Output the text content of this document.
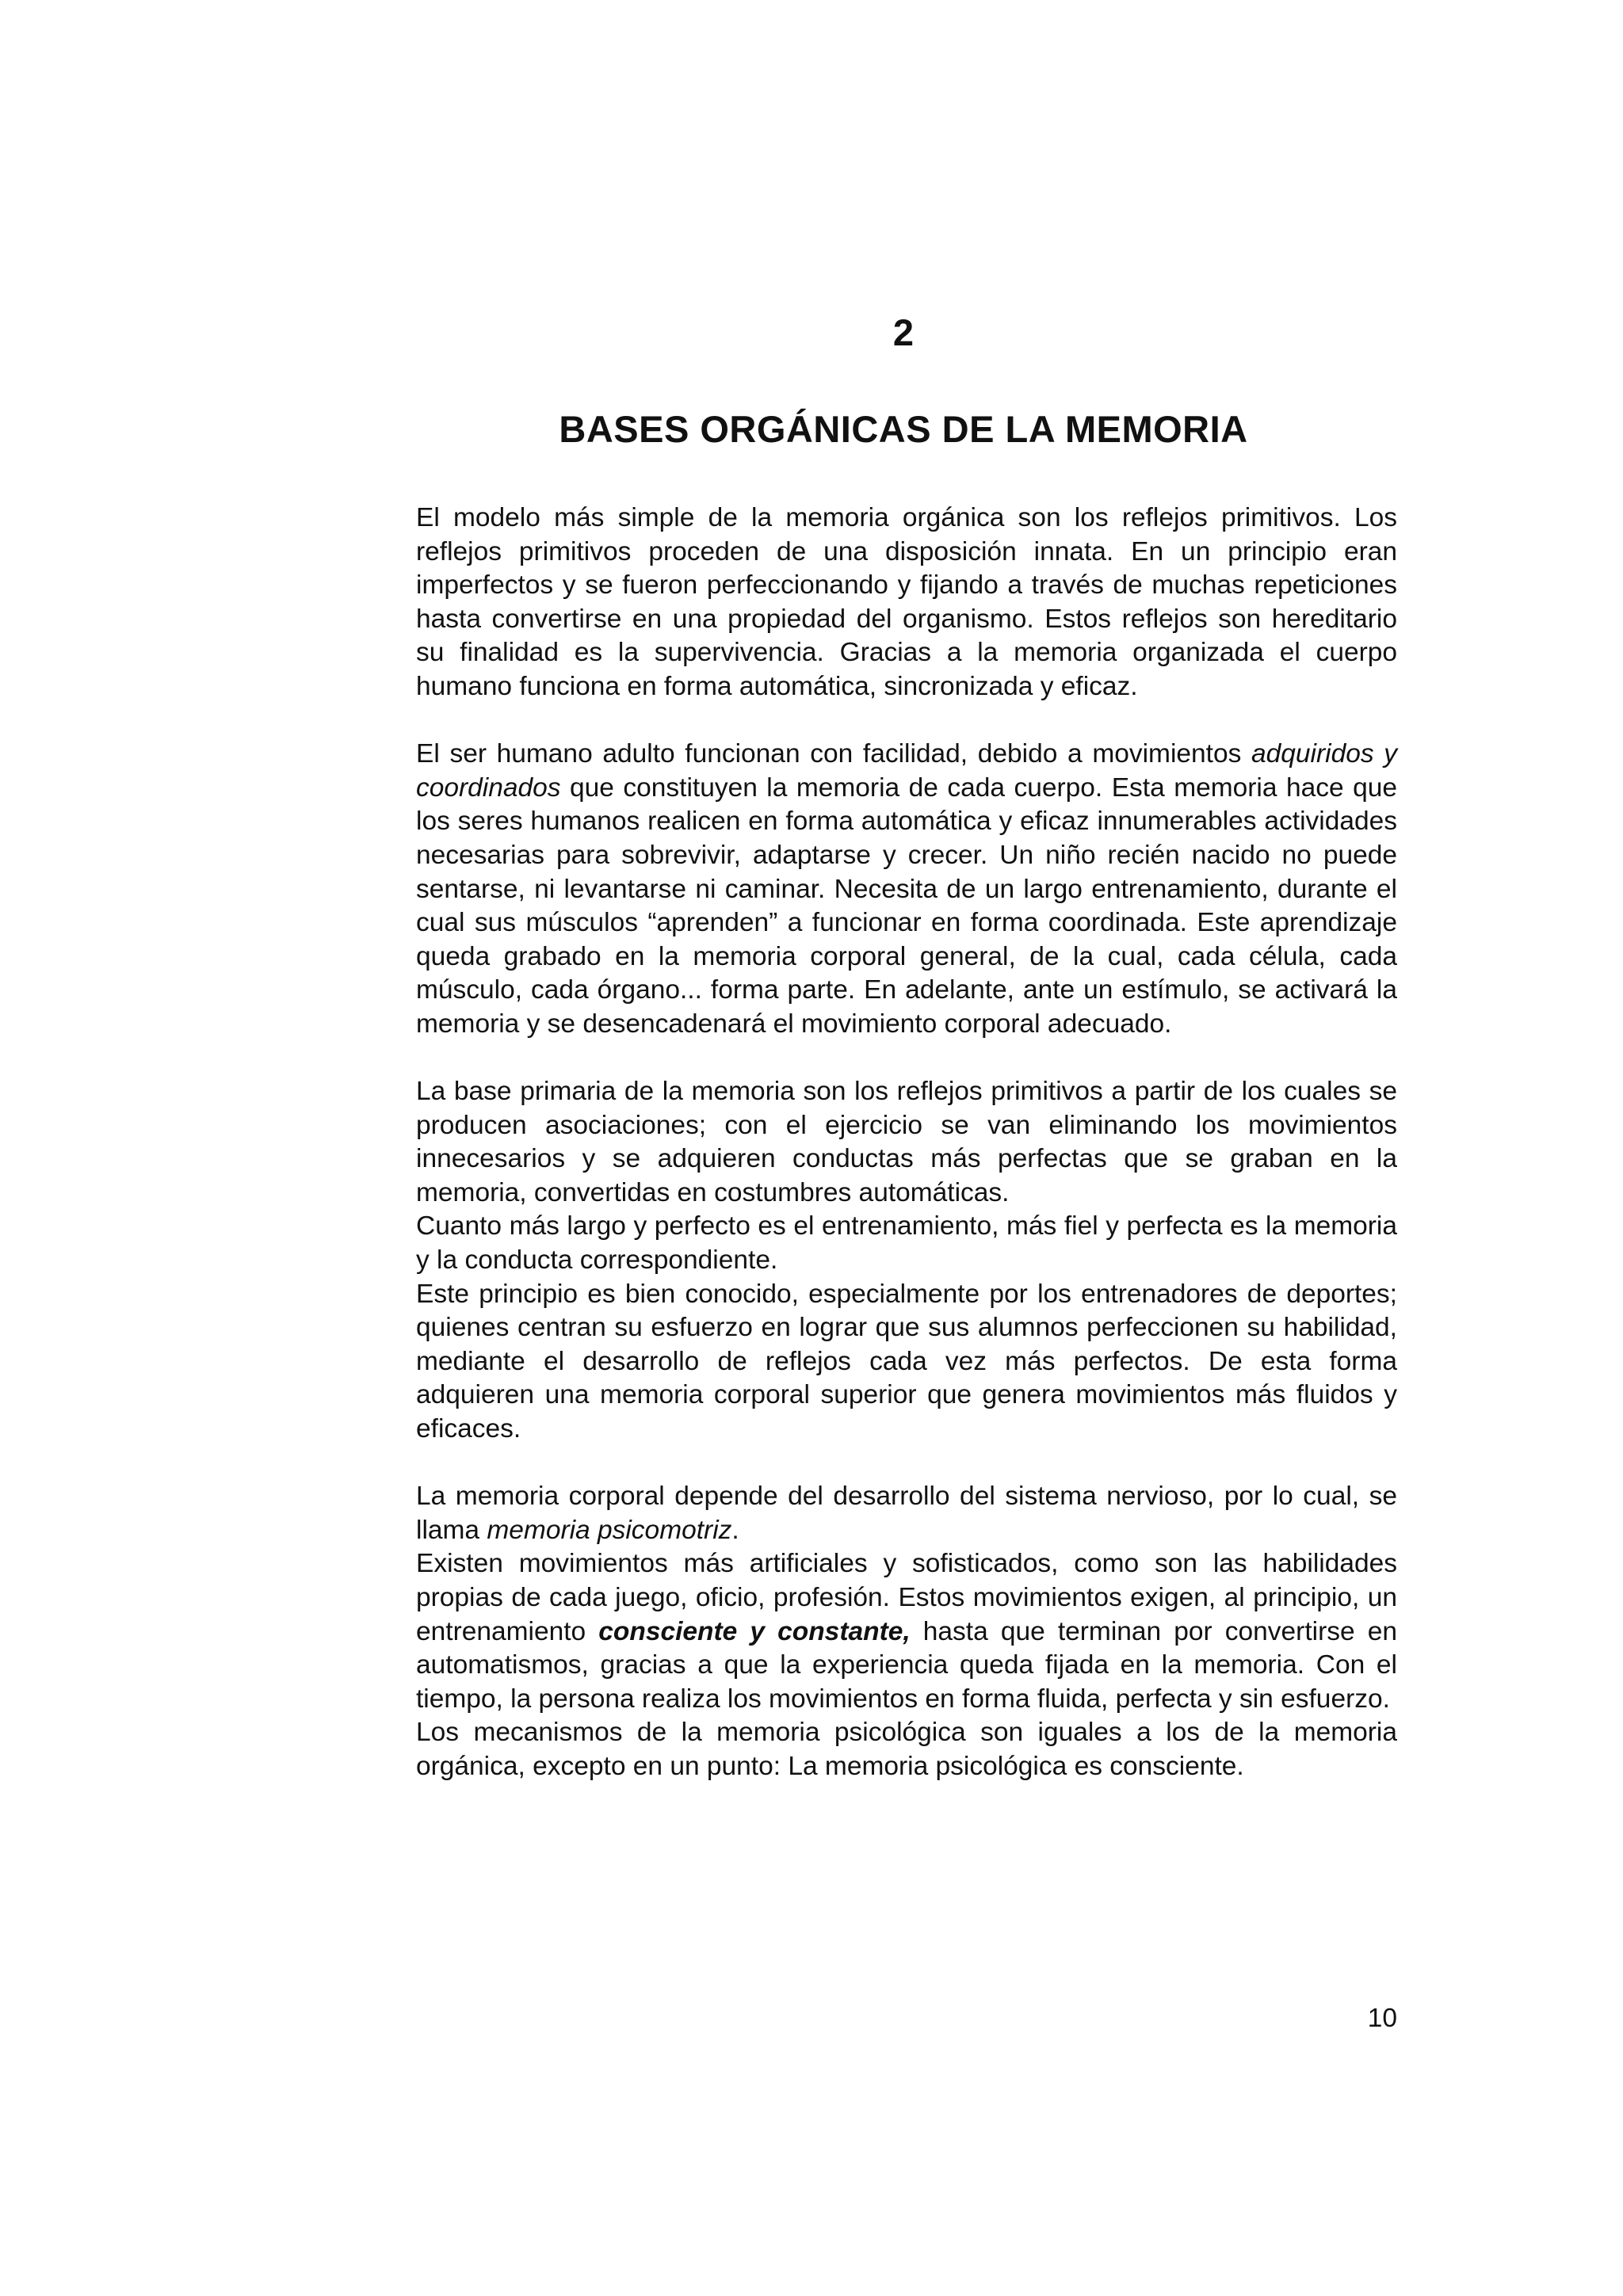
2
BASES ORGÁNICAS DE LA MEMORIA

El modelo más simple de la memoria orgánica son los reflejos primitivos. Los reflejos primitivos proceden de una disposición innata. En un principio eran imperfectos y se fueron perfeccionando y fijando a través de muchas repeticiones hasta convertirse en una propiedad del organismo. Estos reflejos son hereditario su finalidad es la supervivencia. Gracias a la memoria organizada el cuerpo humano funciona en forma automática, sincronizada y eficaz.

El ser humano adulto funcionan con facilidad, debido a movimientos adquiridos y coordinados que constituyen la memoria de cada cuerpo. Esta memoria hace que los seres humanos realicen en forma automática y eficaz innumerables actividades necesarias para sobrevivir, adaptarse y crecer. Un niño recién nacido no puede sentarse, ni levantarse ni caminar. Necesita de un largo entrenamiento, durante el cual sus músculos “aprenden” a funcionar en forma coordinada. Este aprendizaje queda grabado en la memoria corporal general, de la cual, cada célula, cada músculo, cada órgano... forma parte. En adelante, ante un estímulo, se activará la memoria y se desencadenará el movimiento corporal adecuado.

La base primaria de la memoria son los reflejos primitivos a partir de los cuales se producen asociaciones; con el ejercicio se van eliminando los movimientos innecesarios y se adquieren conductas más perfectas que se graban en la memoria, convertidas en costumbres automáticas.

Cuanto más largo y perfecto es el entrenamiento, más fiel y perfecta es la memoria y la conducta correspondiente.

Este principio es bien conocido, especialmente por los entrenadores de deportes; quienes centran su esfuerzo en lograr que sus alumnos perfeccionen su habilidad, mediante el desarrollo de reflejos cada vez más perfectos. De esta forma adquieren una memoria corporal superior que genera movimientos más fluidos y eficaces.

La memoria corporal depende del desarrollo del sistema nervioso, por lo cual, se llama memoria psicomotriz.

Existen movimientos más artificiales y sofisticados, como son las habilidades propias de cada juego, oficio, profesión. Estos movimientos exigen, al principio, un entrenamiento consciente y constante, hasta que terminan por convertirse en automatismos, gracias a que la experiencia queda fijada en la memoria. Con el tiempo, la persona realiza los movimientos en forma fluida, perfecta y sin esfuerzo.

Los mecanismos de la memoria psicológica son iguales a los de la memoria orgánica, excepto en un punto: La memoria psicológica es consciente.

10
